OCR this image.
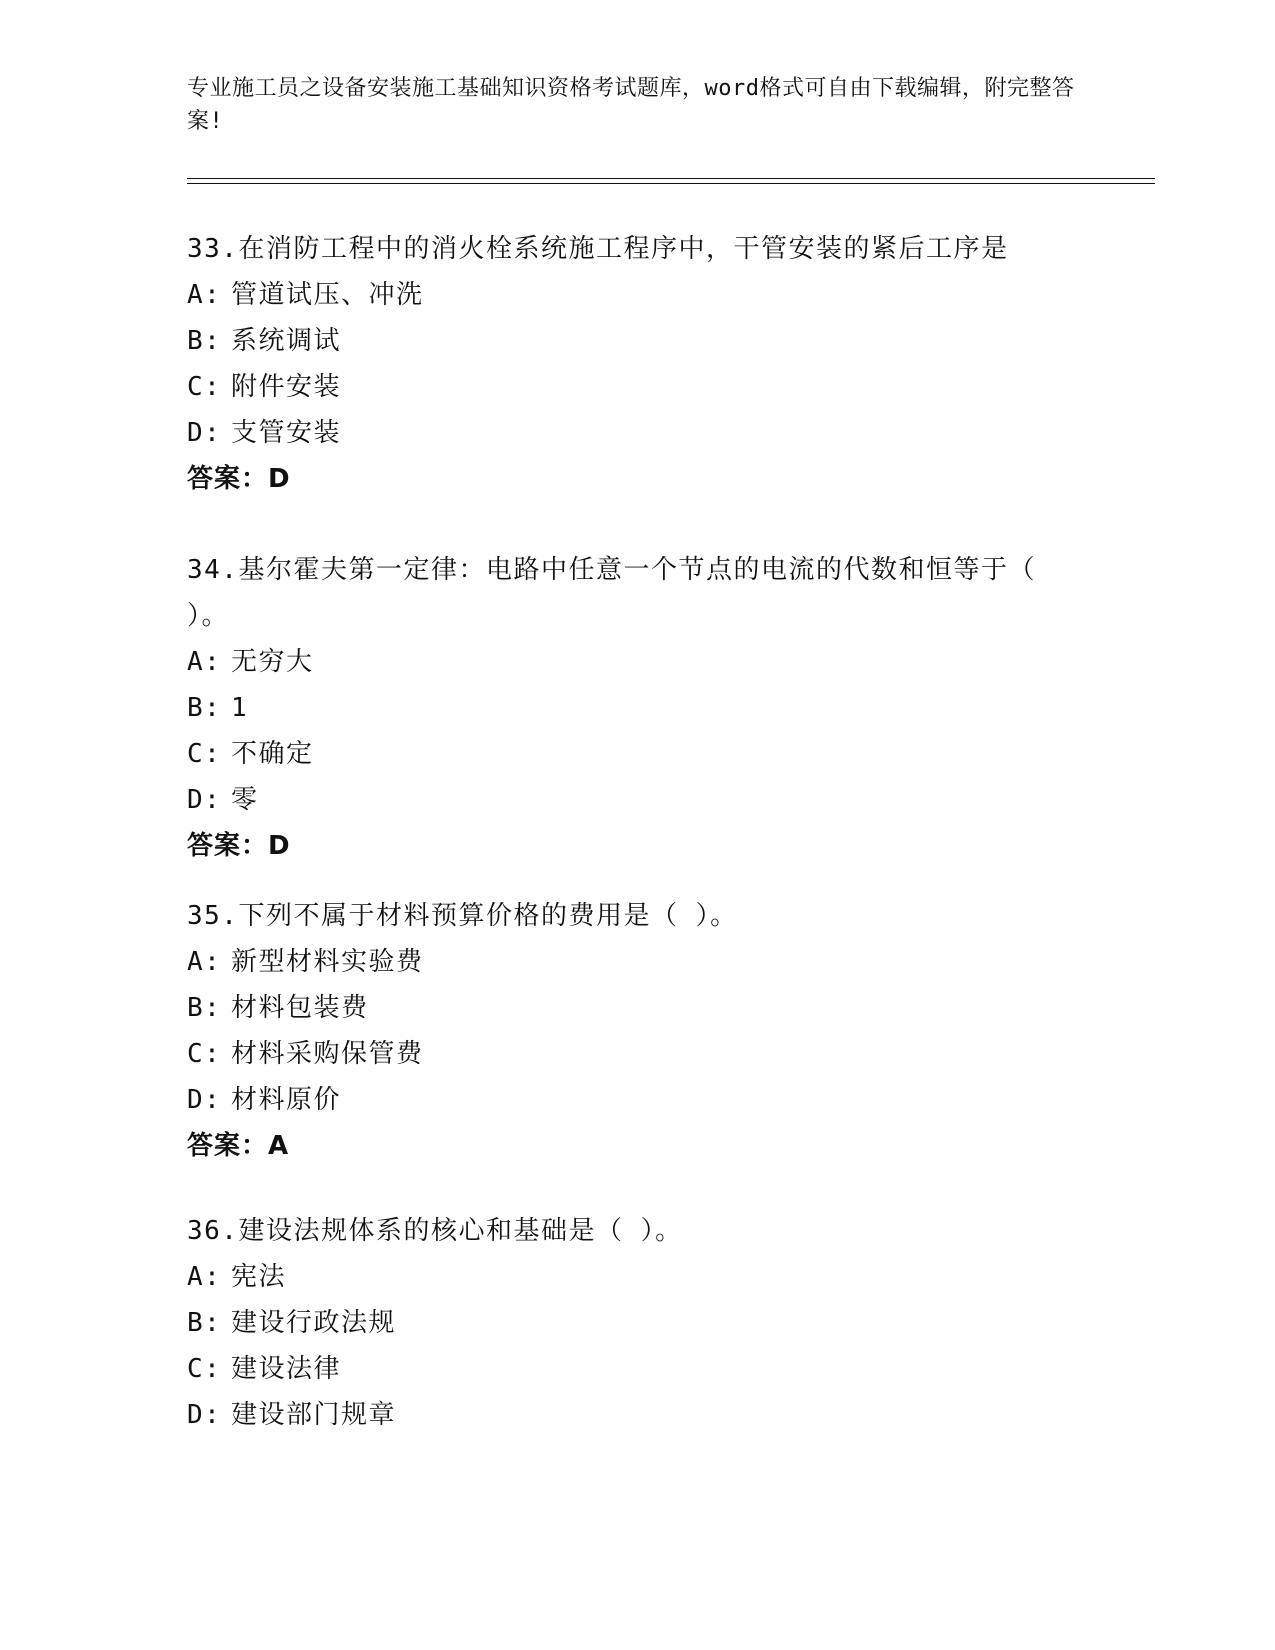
专业施工员之设备安装施工基础知识资格考试题库，word格式可自由下载编辑，附完整答案!
33.在消防工程中的消火栓系统施工程序中，干管安装的紧后工序是
A: 管道试压、冲洗
B: 系统调试
C: 附件安装
D: 支管安装
答案：D
34.基尔霍夫第一定律：电路中任意一个节点的电流的代数和恒等于（ ）。
A: 无穷大
B: 1
C: 不确定
D: 零
答案：D
35.下列不属于材料预算价格的费用是（ ）。
A: 新型材料实验费
B: 材料包装费
C: 材料采购保管费
D: 材料原价
答案：A
36.建设法规体系的核心和基础是（ ）。
A: 宪法
B: 建设行政法规
C: 建设法律
D: 建设部门规章
